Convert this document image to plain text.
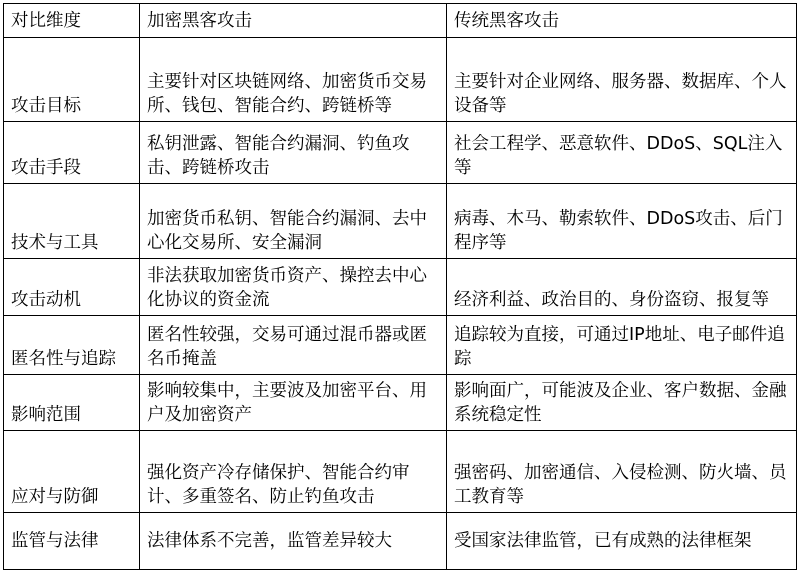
对比维度	加密黑客攻击	传统黑客攻击
攻击目标	主要针对区块链网络、加密货币交易所、钱包、智能合约、跨链桥等	主要针对企业网络、服务器、数据库、个人设备等
攻击手段	私钥泄露、智能合约漏洞、钓鱼攻击、跨链桥攻击	社会工程学、恶意软件、DDoS、SQL注入等
技术与工具	加密货币私钥、智能合约漏洞、去中心化交易所、安全漏洞	病毒、木马、勒索软件、DDoS攻击、后门程序等
攻击动机	非法获取加密货币资产、操控去中心化协议的资金流	经济利益、政治目的、身份盗窃、报复等
匿名性与追踪	匿名性较强，交易可通过混币器或匿名币掩盖	追踪较为直接，可通过IP地址、电子邮件追踪
影响范围	影响较集中，主要波及加密平台、用户及加密资产	影响面广，可能波及企业、客户数据、金融系统稳定性
应对与防御	强化资产冷存储保护、智能合约审计、多重签名、防止钓鱼攻击	强密码、加密通信、入侵检测、防火墙、员工教育等
监管与法律	法律体系不完善，监管差异较大	受国家法律监管，已有成熟的法律框架
